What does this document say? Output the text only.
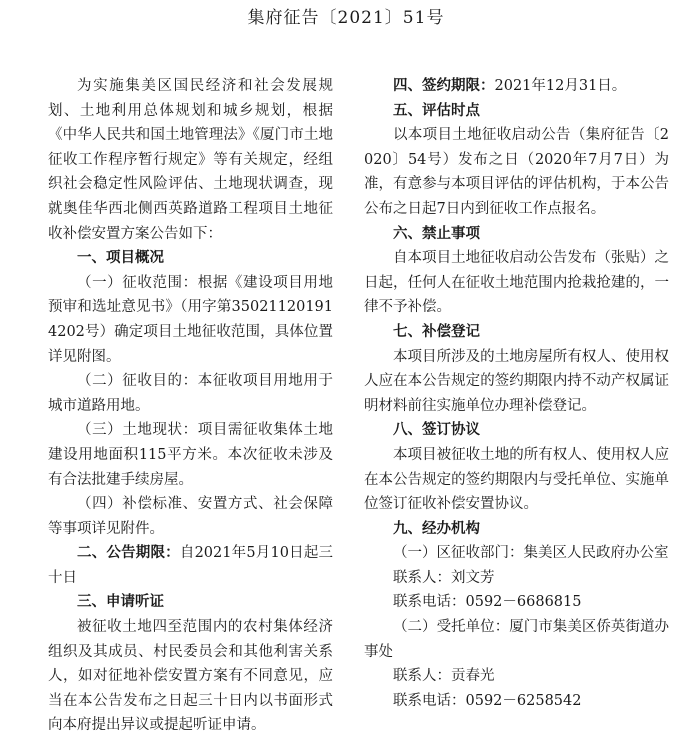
集府征告〔2021〕51号

为实施集美区国民经济和社会发展规划、土地利用总体规划和城乡规划，根据《中华人民共和国土地管理法》《厦门市土地征收工作程序暂行规定》等有关规定，经组织社会稳定性风险评估、土地现状调查，现就奥佳华西北侧西英路道路工程项目土地征收补偿安置方案公告如下：

一、项目概况

（一）征收范围：根据《建设项目用地预审和选址意见书》（用字第350211201914202号）确定项目土地征收范围，具体位置详见附图。

（二）征收目的：本征收项目用地用于城市道路用地。

（三）土地现状：项目需征收集体土地建设用地面积115平方米。本次征收未涉及有合法批建手续房屋。

（四）补偿标准、安置方式、社会保障等事项详见附件。

二、公告期限：自2021年5月10日起三十日

三、申请听证

被征收土地四至范围内的农村集体经济组织及其成员、村民委员会和其他利害关系人，如对征地补偿安置方案有不同意见，应当在本公告发布之日起三十日内以书面形式向本府提出异议或提起听证申请。

四、签约期限：2021年12月31日。

五、评估时点

以本项目土地征收启动公告（集府征告〔2020〕54号）发布之日（2020年7月7日）为准，有意参与本项目评估的评估机构，于本公告公布之日起7日内到征收工作点报名。

六、禁止事项

自本项目土地征收启动公告发布（张贴）之日起，任何人在征收土地范围内抢栽抢建的，一律不予补偿。

七、补偿登记

本项目所涉及的土地房屋所有权人、使用权人应在本公告规定的签约期限内持不动产权属证明材料前往实施单位办理补偿登记。

八、签订协议

本项目被征收土地的所有权人、使用权人应在本公告规定的签约期限内与受托单位、实施单位签订征收补偿安置协议。

九、经办机构

（一）区征收部门：集美区人民政府办公室

联系人：刘文芳

联系电话：0592－6686815

（二）受托单位：厦门市集美区侨英街道办事处

联系人：贡春光

联系电话：0592－6258542
